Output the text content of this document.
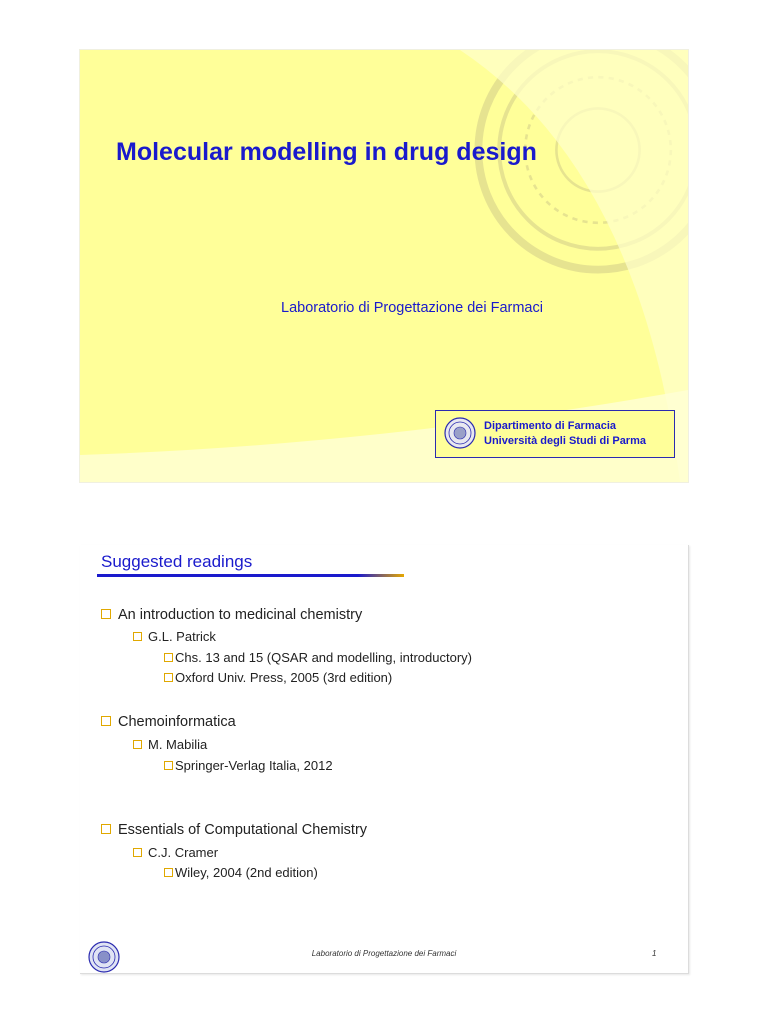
Molecular modelling in drug design
Laboratorio di Progettazione dei Farmaci
Dipartimento di Farmacia
Università degli Studi di Parma
Suggested readings
An introduction to medicinal chemistry
G.L. Patrick
Chs. 13 and 15 (QSAR and modelling, introductory)
Oxford Univ. Press, 2005 (3rd edition)
Chemoinformatica
M. Mabilia
Springer-Verlag Italia, 2012
Essentials of Computational Chemistry
C.J. Cramer
Wiley, 2004 (2nd edition)
Laboratorio di Progettazione dei Farmaci	1
